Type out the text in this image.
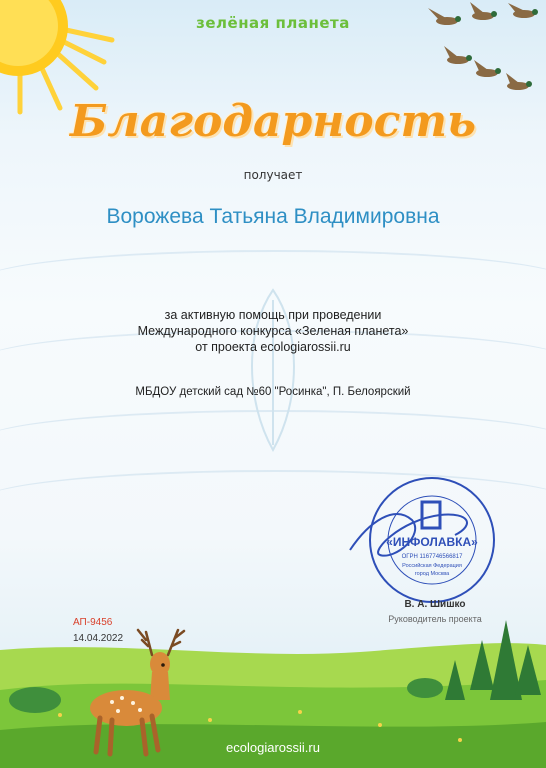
зелёная планета
Благодарность
получает
Ворожева Татьяна Владимировна
за активную помощь при проведении
Международного конкурса «Зеленая планета»
от проекта ecologiarossii.ru
МБДОУ детский сад №60 "Росинка", П. Белоярский
«ИНФОЛАВКА»
ОГРН 1167746566817
Российская Федерация
город Москва
В. А. Шишко
Руководитель проекта
АП-9456
14.04.2022
ecologiarossii.ru
